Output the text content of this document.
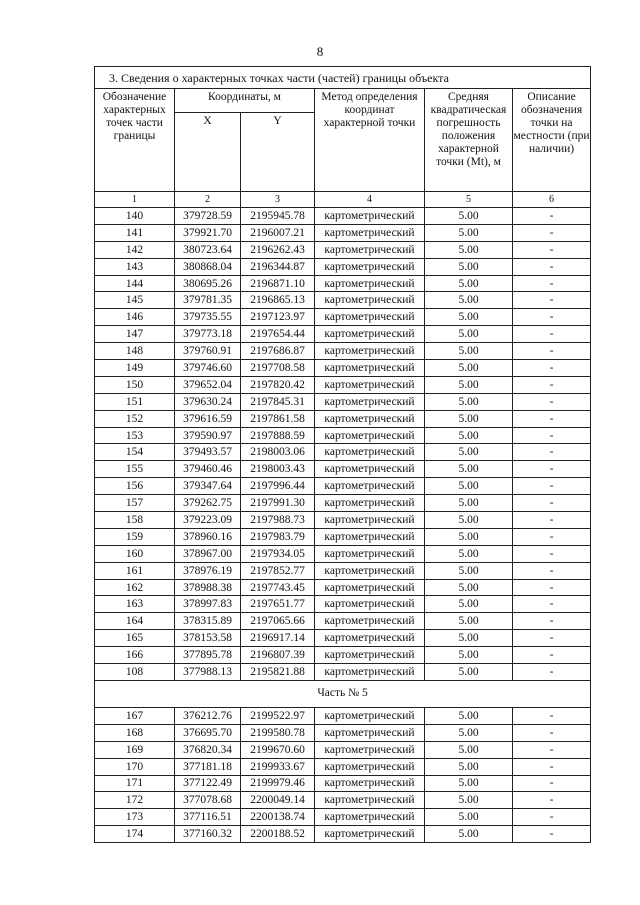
8
3. Сведения о характерных точках части (частей) границы объекта					
Обозначение характерных точек части границы	Координаты, м		Метод определения координат характерной точки	Средняя квадратическая погрешность положения характерной точки (Mt), м	Описание обозначения точки на местности (при наличии)
	X	Y			
1	2	3	4	5	6
140	379728.59	2195945.78	картометрический	5.00	-
141	379921.70	2196007.21	картометрический	5.00	-
142	380723.64	2196262.43	картометрический	5.00	-
143	380868.04	2196344.87	картометрический	5.00	-
144	380695.26	2196871.10	картометрический	5.00	-
145	379781.35	2196865.13	картометрический	5.00	-
146	379735.55	2197123.97	картометрический	5.00	-
147	379773.18	2197654.44	картометрический	5.00	-
148	379760.91	2197686.87	картометрический	5.00	-
149	379746.60	2197708.58	картометрический	5.00	-
150	379652.04	2197820.42	картометрический	5.00	-
151	379630.24	2197845.31	картометрический	5.00	-
152	379616.59	2197861.58	картометрический	5.00	-
153	379590.97	2197888.59	картометрический	5.00	-
154	379493.57	2198003.06	картометрический	5.00	-
155	379460.46	2198003.43	картометрический	5.00	-
156	379347.64	2197996.44	картометрический	5.00	-
157	379262.75	2197991.30	картометрический	5.00	-
158	379223.09	2197988.73	картометрический	5.00	-
159	378960.16	2197983.79	картометрический	5.00	-
160	378967.00	2197934.05	картометрический	5.00	-
161	378976.19	2197852.77	картометрический	5.00	-
162	378988.38	2197743.45	картометрический	5.00	-
163	378997.83	2197651.77	картометрический	5.00	-
164	378315.89	2197065.66	картометрический	5.00	-
165	378153.58	2196917.14	картометрический	5.00	-
166	377895.78	2196807.39	картометрический	5.00	-
108	377988.13	2195821.88	картометрический	5.00	-
Часть № 5					
167	376212.76	2199522.97	картометрический	5.00	-
168	376695.70	2199580.78	картометрический	5.00	-
169	376820.34	2199670.60	картометрический	5.00	-
170	377181.18	2199933.67	картометрический	5.00	-
171	377122.49	2199979.46	картометрический	5.00	-
172	377078.68	2200049.14	картометрический	5.00	-
173	377116.51	2200138.74	картометрический	5.00	-
174	377160.32	2200188.52	картометрический	5.00	-
